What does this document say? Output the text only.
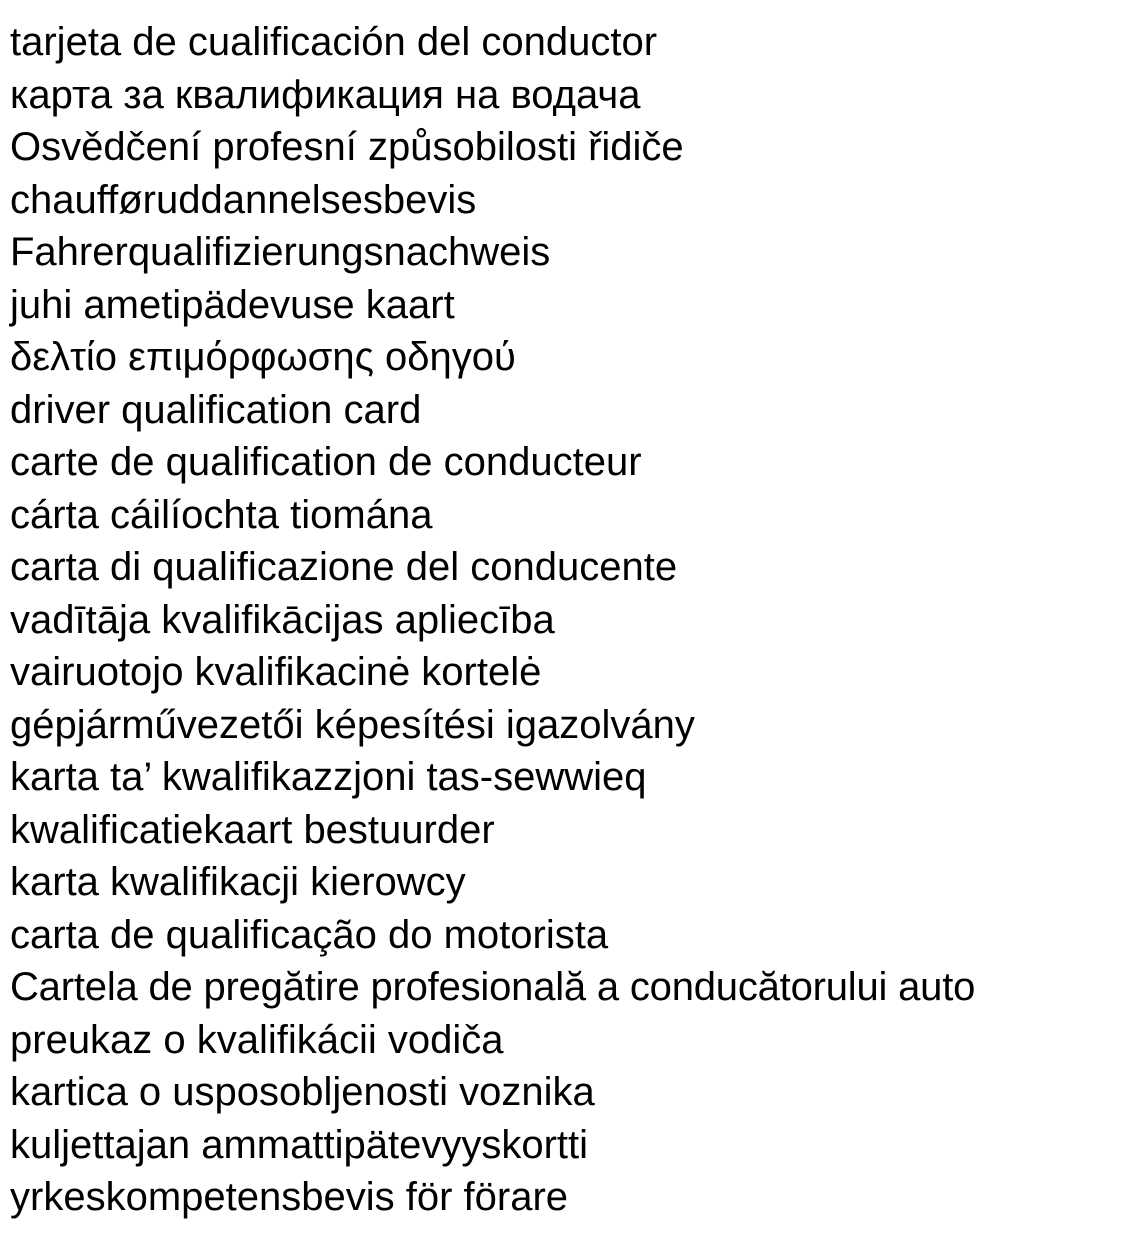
tarjeta de cualificación del conductor
карта за квалификация на водача
Osvědčení profesní způsobilosti řidiče
chaufføruddannelsesbevis
Fahrerqualifizierungsnachweis
juhi ametipädevuse kaart
δελτίο επιμόρφωσης οδηγού
driver qualification card
carte de qualification de conducteur
cárta cáilíochta tiomána
carta di qualificazione del conducente
vadītāja kvalifikācijas apliecība
vairuotojo kvalifikacinė kortelė
gépjárművezetői képesítési igazolvány
karta ta’ kwalifikazzjoni tas-sewwieq
kwalificatiekaart bestuurder
karta kwalifikacji kierowcy
carta de qualificação do motorista
Cartela de pregătire profesională a conducătorului auto
preukaz o kvalifikácii vodiča
kartica o usposobljenosti voznika
kuljettajan ammattipätevyyskortti
yrkeskompetensbevis för förare
